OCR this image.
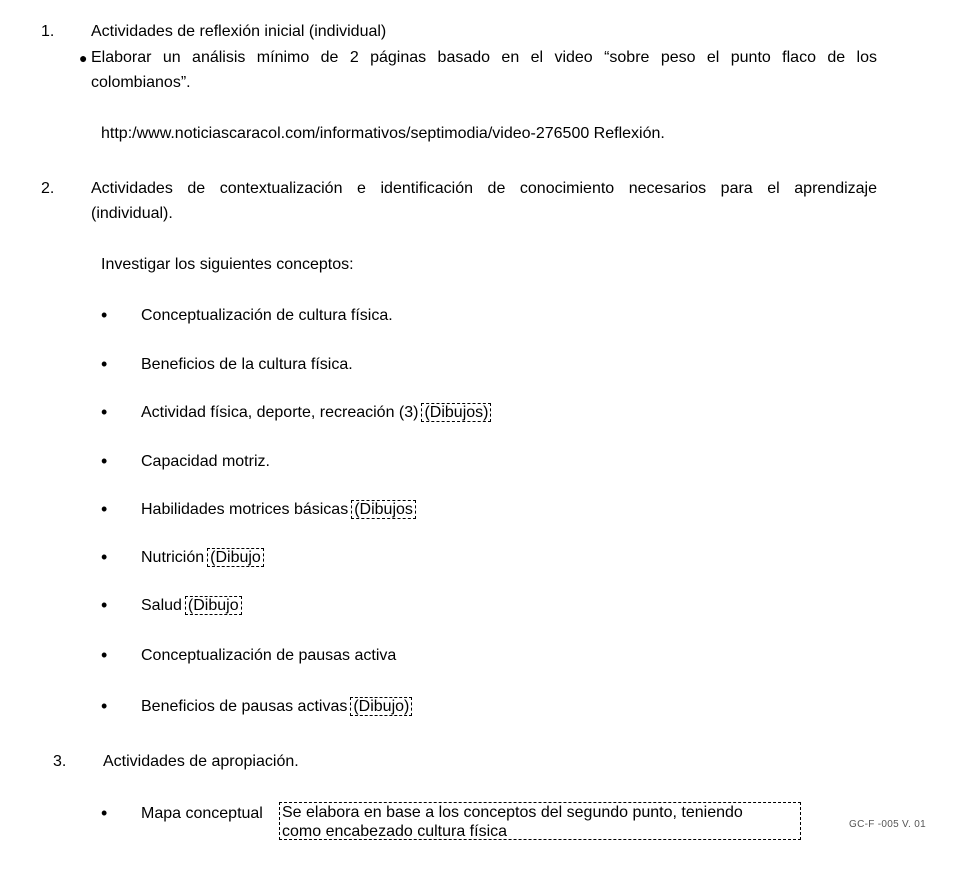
1. Actividades de reflexión inicial (individual)
● Elaborar un análisis mínimo de 2 páginas basado en el video “sobre peso el punto flaco de los
colombianos”.
http:/www.noticiascaracol.com/informativos/septimodia/video-276500 Reflexión.
2. Actividades de contextualización e identificación de conocimiento necesarios para el aprendizaje
(individual).
Investigar los siguientes conceptos:
• Conceptualización de cultura física.
• Beneficios de la cultura física.
• Actividad física, deporte, recreación (3) (Dibujos)
• Capacidad motriz.
• Habilidades motrices básicas (Dibujos
• Nutrición (Dibujo
• Salud (Dibujo
• Conceptualización de pausas activa
• Beneficios de pausas activas (Dibujo)
3. Actividades de apropiación.
• Mapa conceptual Se elabora en base a los conceptos del segundo punto, teniendo
como encabezado cultura física	GC-F -005 V. 01
